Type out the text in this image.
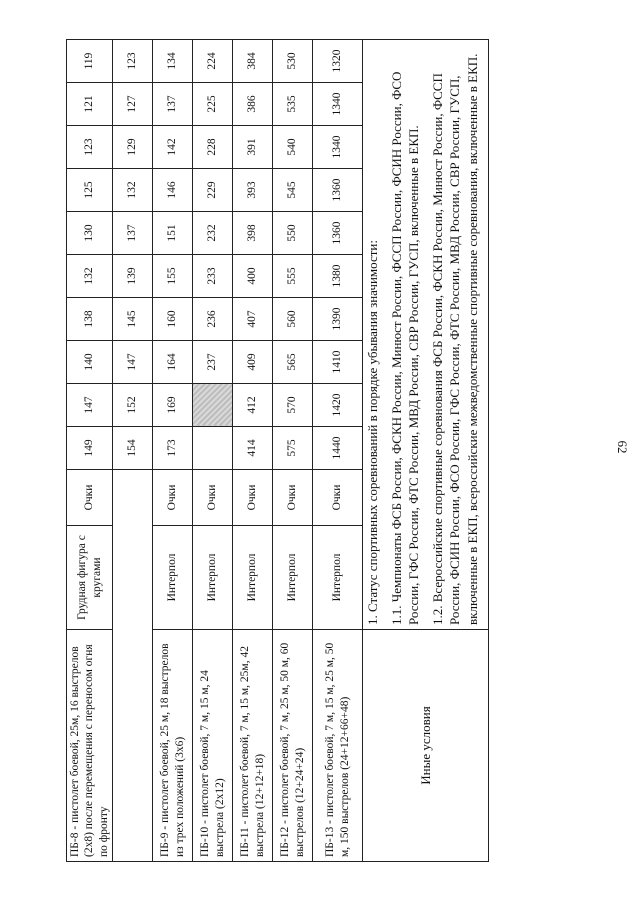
62
ПБ-8 - пистолет боевой, 25м, 16 выстрелов (2х8) после перемещения с переносом огня по фронту	Грудная фигура с кругами	Очки	149	147	140	138	132	130	125	123	121	119
			154	152	147	145	139	137	132	129	127	123
ПБ-9 - пистолет боевой, 25 м, 18 выстрелов из трех положений (3х6)	Интерпол	Очки	173	169	164	160	155	151	146	142	137	134
ПБ-10 - пистолет боевой, 7 м, 15 м, 24 выстрела (2х12)	Интерпол	Очки			237	236	233	232	229	228	225	224
ПБ-11 - пистолет боевой, 7 м, 15 м, 25м, 42 выстрела (12+12+18)	Интерпол	Очки	414	412	409	407	400	398	393	391	386	384
ПБ-12 - пистолет боевой, 7 м, 25 м, 50 м, 60 выстрелов (12+24+24)	Интерпол	Очки	575	570	565	560	555	550	545	540	535	530
ПБ-13 - пистолет боевой, 7 м, 15 м, 25 м, 50 м, 150 выстрелов (24+12+66+48)	Интерпол	Очки	1440	1420	1410	1390	1380	1360	1360	1340	1340	1320
Иные условия	1. Статус спортивных соревнований в порядке убывания значимости: 1.1. Чемпионаты ФСБ России, ФСКН России, Минюст России, ФССП России, ФСИН России, ФСО России, ГФС России, ФТС России, МВД России, СВР России, ГУСП, включенные в ЕКП. 1.2. Всероссийские спортивные соревнования ФСБ России, ФСКН России, Минюст России, ФССП России, ФСИН России, ФСО России, ГФС России, ФТС России, МВД России, СВР России, ГУСП, включенные в ЕКП, всероссийские межведомственные спортивные соревнования, включенные в ЕКП.											
